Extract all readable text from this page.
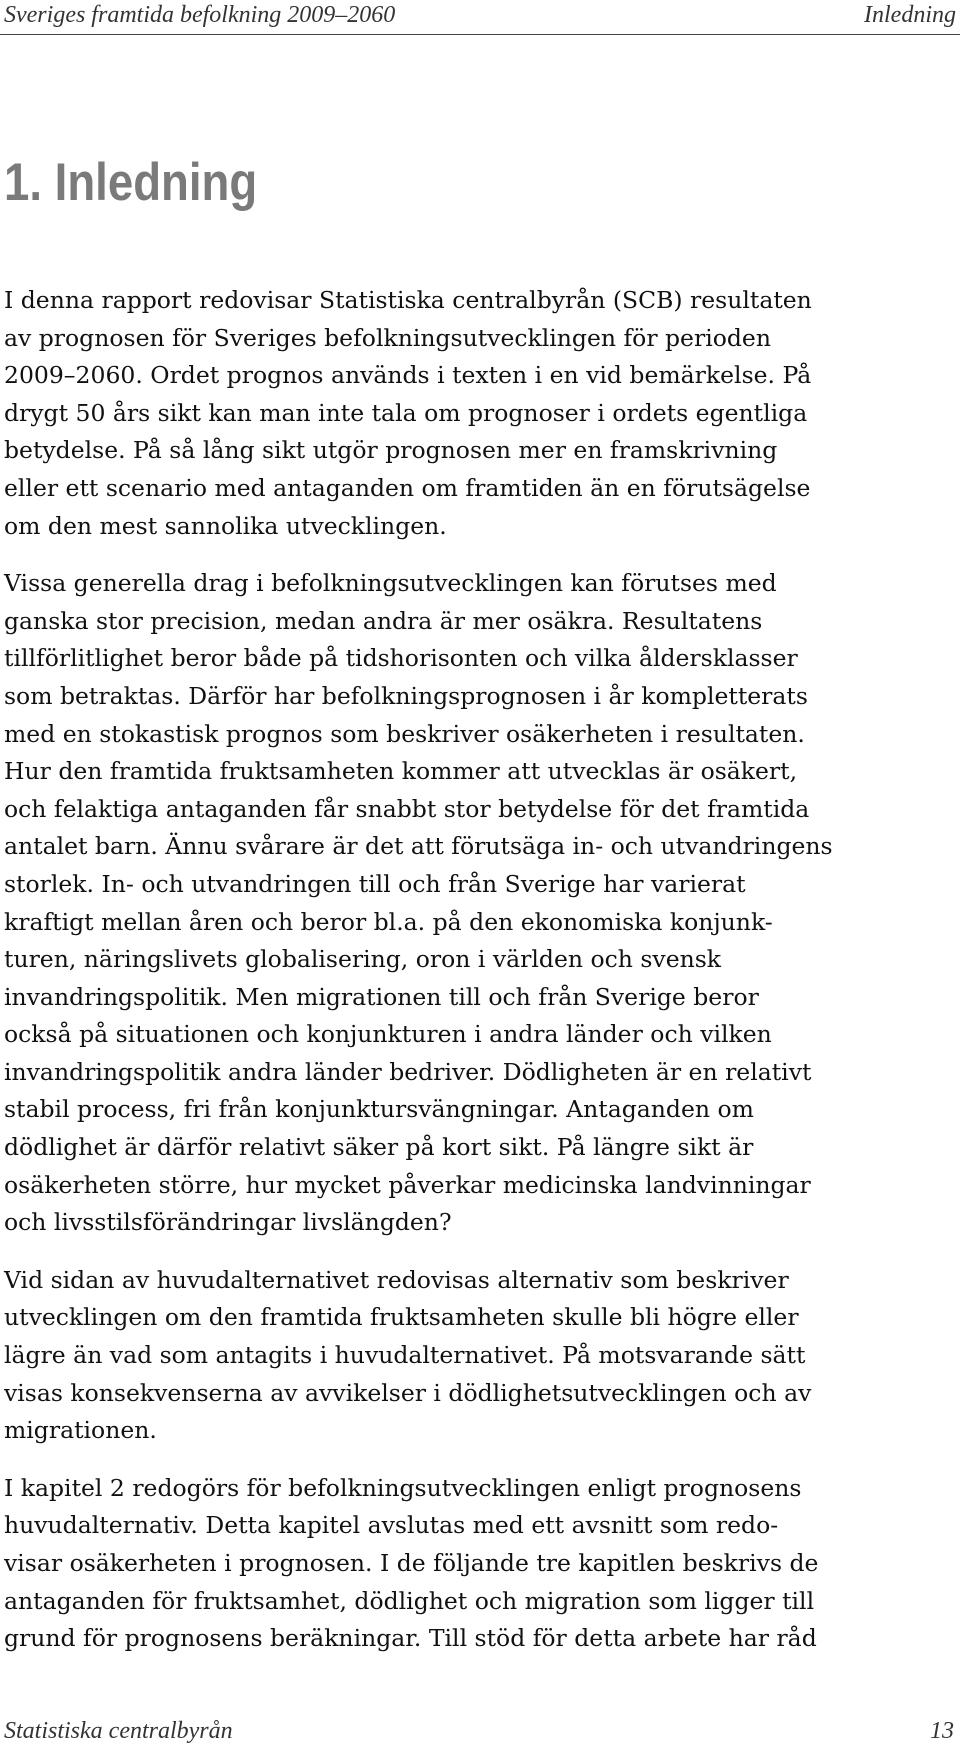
Sveriges framtida befolkning 2009–2060	Inledning
1. Inledning

I denna rapport redovisar Statistiska centralbyrån (SCB) resultaten
av prognosen för Sveriges befolkningsutvecklingen för perioden
2009–2060. Ordet prognos används i texten i en vid bemärkelse. På
drygt 50 års sikt kan man inte tala om prognoser i ordets egentliga
betydelse. På så lång sikt utgör prognosen mer en framskrivning
eller ett scenario med antaganden om framtiden än en förutsägelse
om den mest sannolika utvecklingen.

Vissa generella drag i befolkningsutvecklingen kan förutses med
ganska stor precision, medan andra är mer osäkra. Resultatens
tillförlitlighet beror både på tidshorisonten och vilka åldersklasser
som betraktas. Därför har befolkningsprognosen i år kompletterats
med en stokastisk prognos som beskriver osäkerheten i resultaten.
Hur den framtida fruktsamheten kommer att utvecklas är osäkert,
och felaktiga antaganden får snabbt stor betydelse för det framtida
antalet barn. Ännu svårare är det att förutsäga in- och utvandringens
storlek. In- och utvandringen till och från Sverige har varierat
kraftigt mellan åren och beror bl.a. på den ekonomiska konjunk-
turen, näringslivets globalisering, oron i världen och svensk
invandringspolitik. Men migrationen till och från Sverige beror
också på situationen och konjunkturen i andra länder och vilken
invandringspolitik andra länder bedriver. Dödligheten är en relativt
stabil process, fri från konjunktursvängningar. Antaganden om
dödlighet är därför relativt säker på kort sikt. På längre sikt är
osäkerheten större, hur mycket påverkar medicinska landvinningar
och livsstilsförändringar livslängden?

Vid sidan av huvudalternativet redovisas alternativ som beskriver
utvecklingen om den framtida fruktsamheten skulle bli högre eller
lägre än vad som antagits i huvudalternativet. På motsvarande sätt
visas konsekvenserna av avvikelser i dödlighetsutvecklingen och av
migrationen.

I kapitel 2 redogörs för befolkningsutvecklingen enligt prognosens
huvudalternativ. Detta kapitel avslutas med ett avsnitt som redo-
visar osäkerheten i prognosen. I de följande tre kapitlen beskrivs de
antaganden för fruktsamhet, dödlighet och migration som ligger till
grund för prognosens beräkningar. Till stöd för detta arbete har råd

Statistiska centralbyrån	13
